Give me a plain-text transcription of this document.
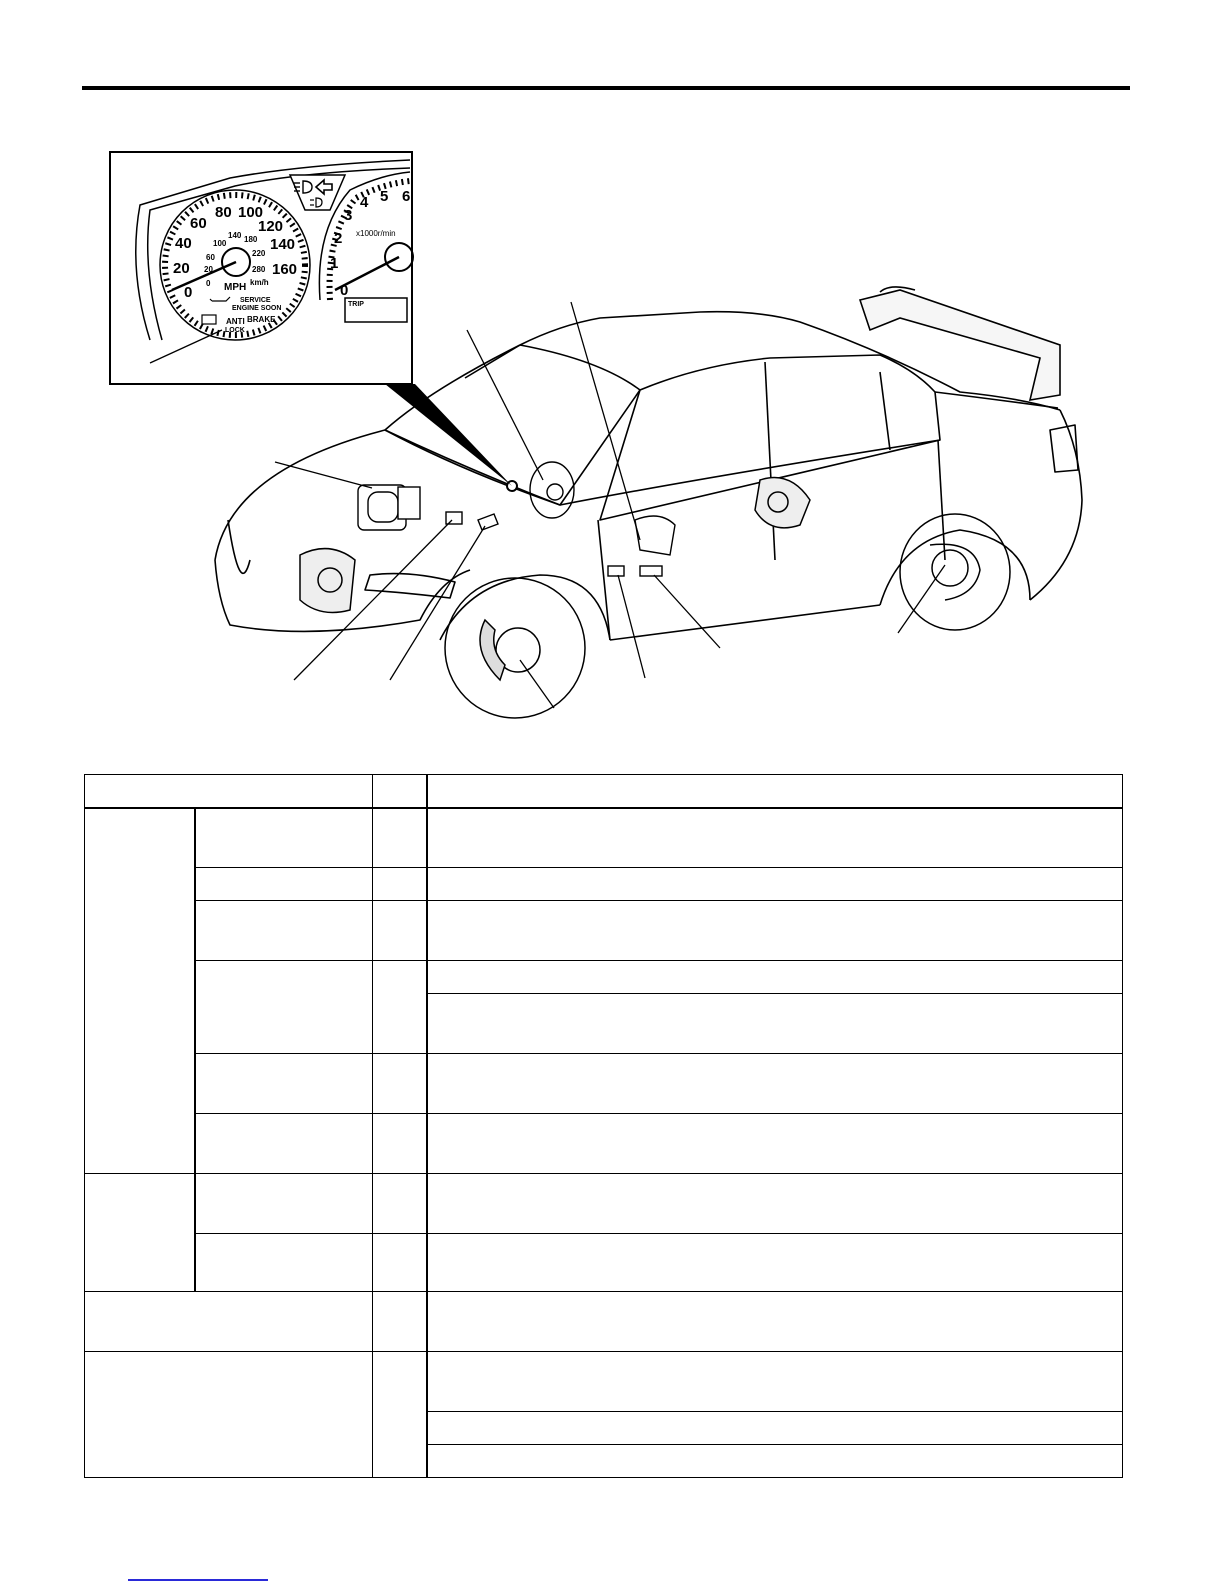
0
20
40
60
80 100
120
140
160
0
20
60
100
140 180
220
280
MPH km/h
SERVICE
ENGINE SOON
BRAKE
ANTI
LOCK
0
1
2
3
4 5 6
x1000r/min
TRIP
